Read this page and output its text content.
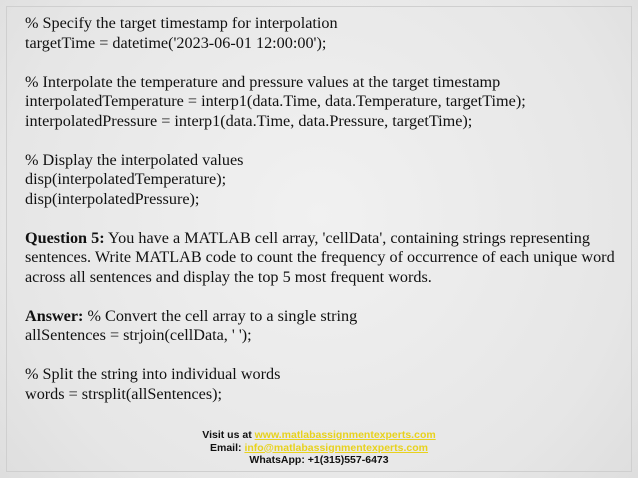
% Specify the target timestamp for interpolation
targetTime = datetime('2023-06-01 12:00:00');
% Interpolate the temperature and pressure values at the target timestamp
interpolatedTemperature = interp1(data.Time, data.Temperature, targetTime);
interpolatedPressure = interp1(data.Time, data.Pressure, targetTime);
% Display the interpolated values
disp(interpolatedTemperature);
disp(interpolatedPressure);
Question 5: You have a MATLAB cell array, 'cellData', containing strings representing sentences. Write MATLAB code to count the frequency of occurrence of each unique word across all sentences and display the top 5 most frequent words.
Answer: % Convert the cell array to a single string
allSentences = strjoin(cellData, ' ');
% Split the string into individual words
words = strsplit(allSentences);
Visit us at www.matlabassignmentexperts.com
Email: info@matlabassignmentexperts.com
WhatsApp: +1(315)557-6473
